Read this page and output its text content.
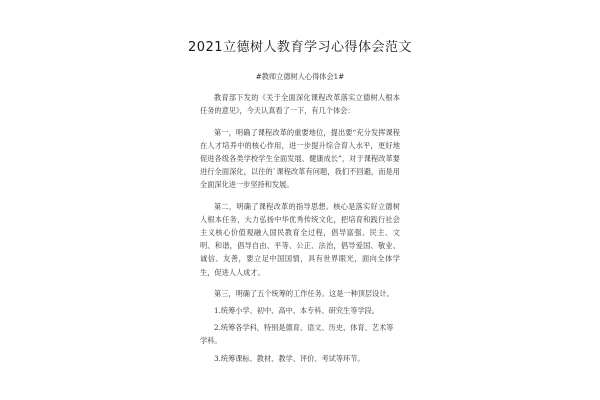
2021立德树人教育学习心得体会范文
#教师立德树人心得体会1#
教育部下发的《关于全面深化课程改革落实立德树人根本任务的意见》，今天认真看了一下，有几个体会：
第一，明确了课程改革的重要地位，提出要“充分发挥课程在人才培养中的核心作用，进一步提升综合育人水平，更好地促进各级各类学校学生全面发展、健康成长”，对于课程改革要进行全面深化，以往的`课程改革有问题，我们不回避，而是用全面深化进一步坚持和发展。
第二，明确了课程改革的指导思想。核心是落实好立德树人根本任务，大力弘扬中华优秀传统文化，把培育和践行社会主义核心价值观融入国民教育全过程，倡导富强、民主、文明、和谐，倡导自由、平等、公正、法治，倡导爱国、敬业、诚信、友善，要立足中国国情，具有世界眼光，面向全体学生，促进人人成才。
第三，明确了五个统筹的工作任务。这是一种顶层设计。
1.统筹小学、初中、高中、本专科、研究生等学段。
2.统筹各学科，特别是德育、语文、历史、体育、艺术等学科。
3.统筹课标、教材、教学、评价、考试等环节。
